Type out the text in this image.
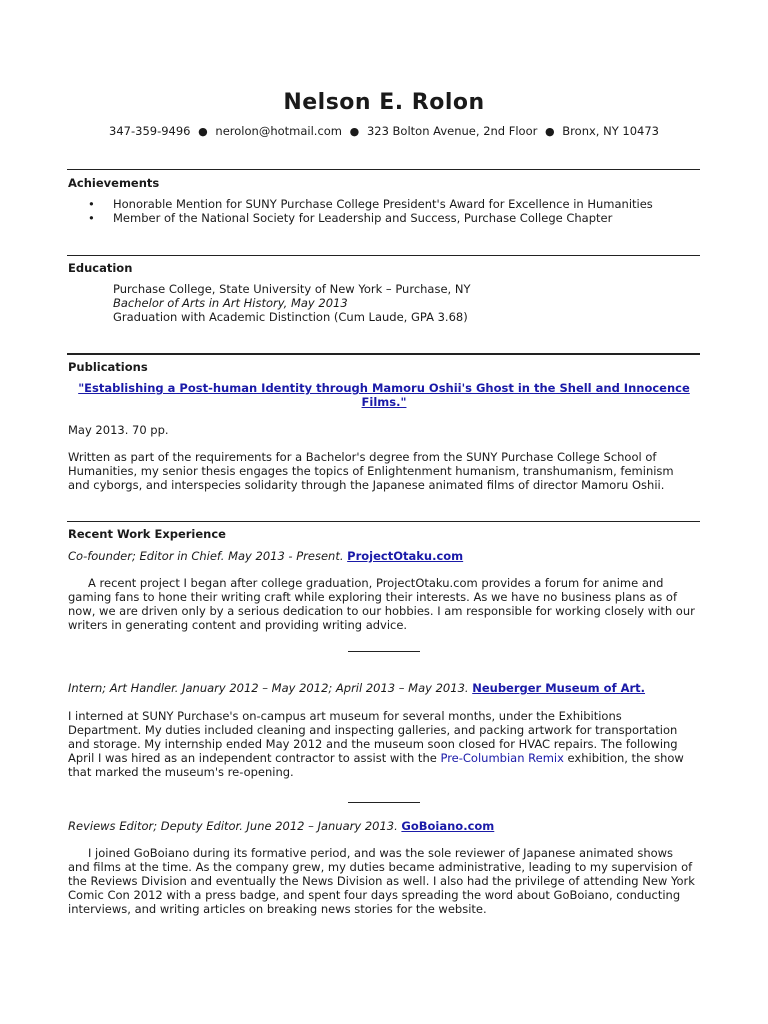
Nelson E. Rolon
347-359-9496 ● nerolon@hotmail.com ● 323 Bolton Avenue, 2nd Floor ● Bronx, NY 10473
Achievements
• Honorable Mention for SUNY Purchase College President's Award for Excellence in Humanities
• Member of the National Society for Leadership and Success, Purchase College Chapter
Education
Purchase College, State University of New York – Purchase, NY
Bachelor of Arts in Art History, May 2013
Graduation with Academic Distinction (Cum Laude, GPA 3.68)
Publications
"Establishing a Post-human Identity through Mamoru Oshii's Ghost in the Shell and Innocence
Films."
May 2013. 70 pp.
Written as part of the requirements for a Bachelor's degree from the SUNY Purchase College School of Humanities, my senior thesis engages the topics of Enlightenment humanism, transhumanism, feminism and cyborgs, and interspecies solidarity through the Japanese animated films of director Mamoru Oshii.
Recent Work Experience
Co-founder; Editor in Chief. May 2013 - Present. ProjectOtaku.com
A recent project I began after college graduation, ProjectOtaku.com provides a forum for anime and gaming fans to hone their writing craft while exploring their interests. As we have no business plans as of now, we are driven only by a serious dedication to our hobbies. I am responsible for working closely with our writers in generating content and providing writing advice.
Intern; Art Handler. January 2012 – May 2012; April 2013 – May 2013. Neuberger Museum of Art.
I interned at SUNY Purchase's on-campus art museum for several months, under the Exhibitions Department. My duties included cleaning and inspecting galleries, and packing artwork for transportation and storage. My internship ended May 2012 and the museum soon closed for HVAC repairs. The following April I was hired as an independent contractor to assist with the Pre-Columbian Remix exhibition, the show that marked the museum's re-opening.
Reviews Editor; Deputy Editor. June 2012 – January 2013. GoBoiano.com
I joined GoBoiano during its formative period, and was the sole reviewer of Japanese animated shows and films at the time. As the company grew, my duties became administrative, leading to my supervision of the Reviews Division and eventually the News Division as well. I also had the privilege of attending New York Comic Con 2012 with a press badge, and spent four days spreading the word about GoBoiano, conducting interviews, and writing articles on breaking news stories for the website.
